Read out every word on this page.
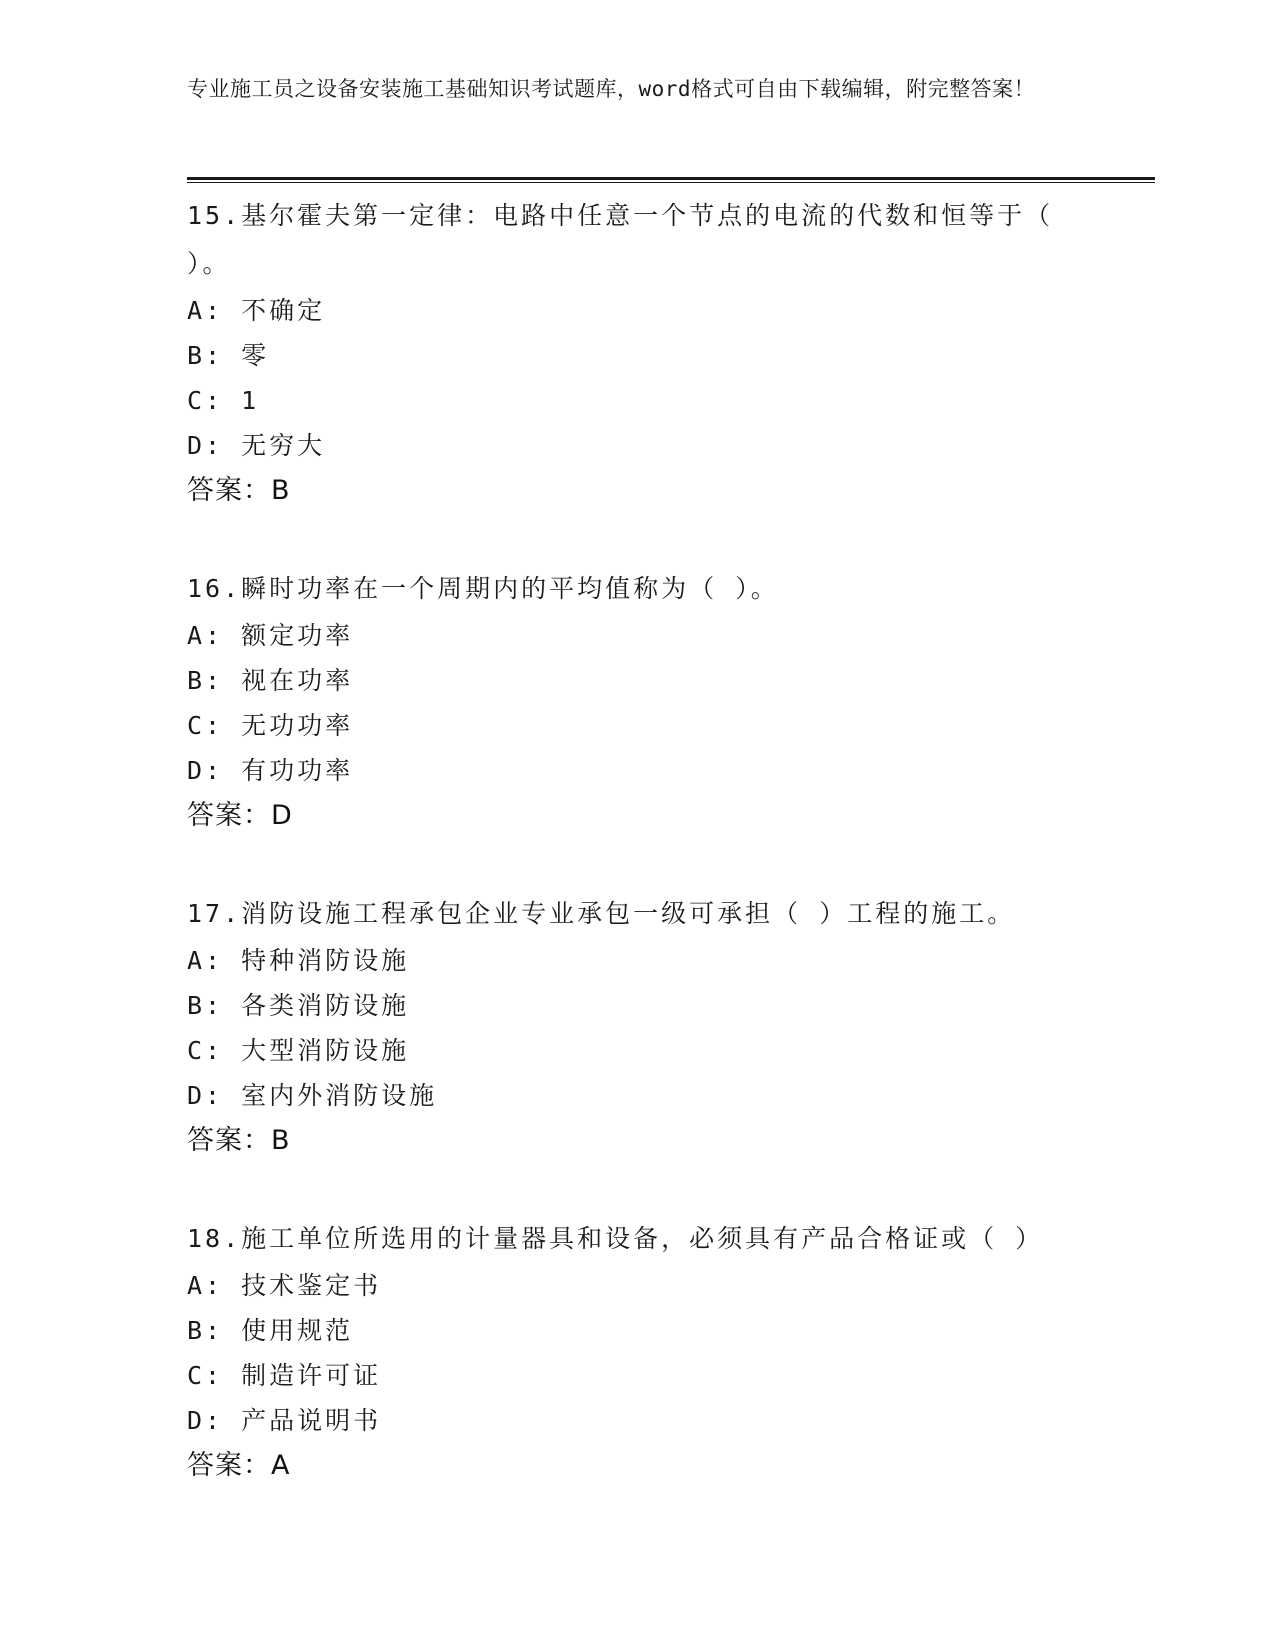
专业施工员之设备安装施工基础知识考试题库，word格式可自由下载编辑，附完整答案！

15.基尔霍夫第一定律：电路中任意一个节点的电流的代数和恒等于（ ）。

A: 不确定

B: 零

C: 1

D: 无穷大

答案：B

16.瞬时功率在一个周期内的平均值称为（ ）。

A: 额定功率

B: 视在功率

C: 无功功率

D: 有功功率

答案：D

17.消防设施工程承包企业专业承包一级可承担（ ）工程的施工。

A: 特种消防设施

B: 各类消防设施

C: 大型消防设施

D: 室内外消防设施

答案：B

18.施工单位所选用的计量器具和设备，必须具有产品合格证或（ ）

A: 技术鉴定书

B: 使用规范

C: 制造许可证

D: 产品说明书

答案：A
